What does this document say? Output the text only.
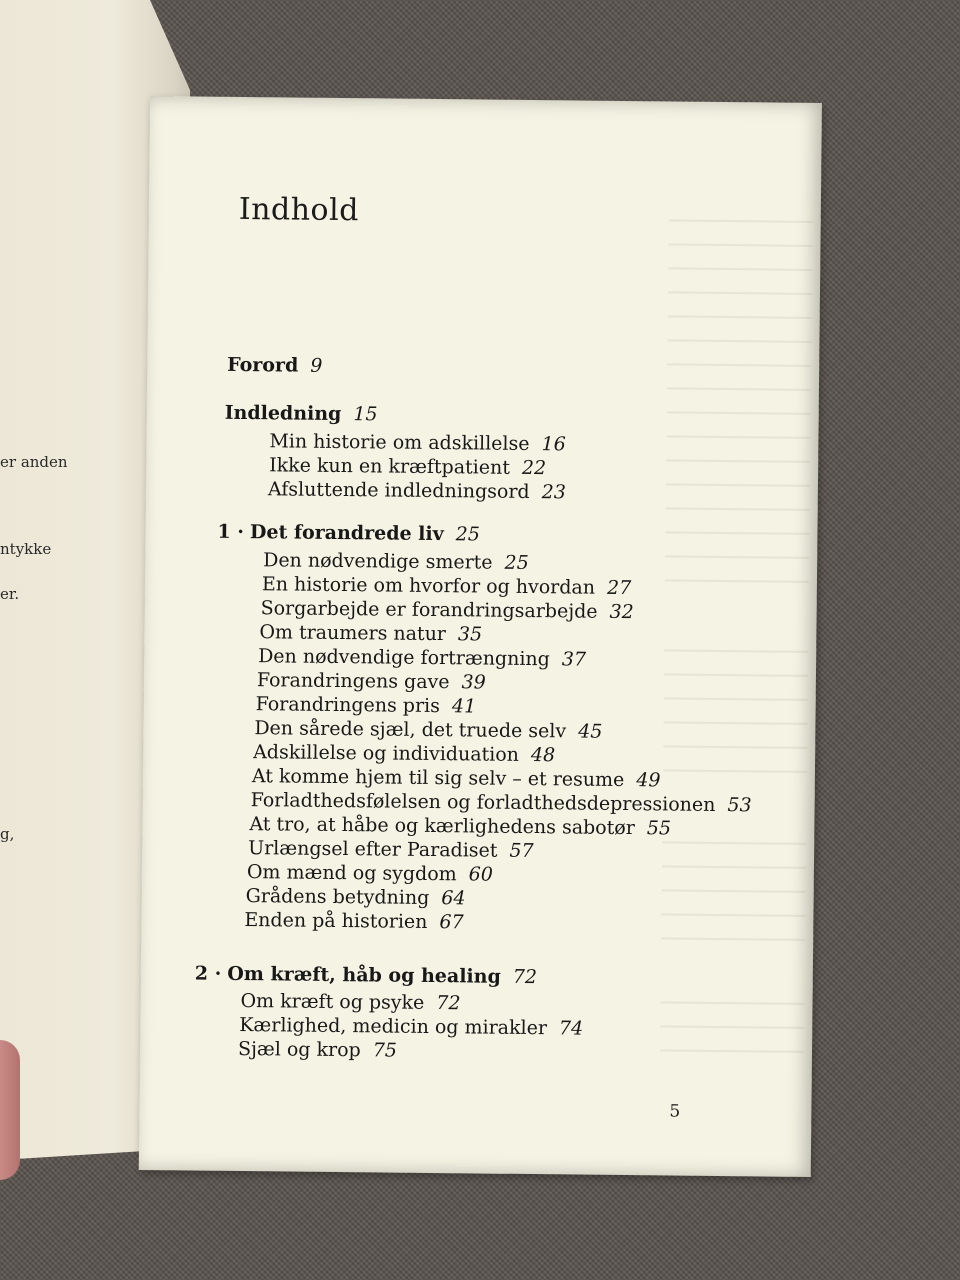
er anden
ntykke
er.
g,
Indhold
Forord 9
Indledning 15
Min historie om adskillelse 16
Ikke kun en kræftpatient 22
Afsluttende indledningsord 23
1 · Det forandrede liv 25
Den nødvendige smerte 25
En historie om hvorfor og hvordan 27
Sorgarbejde er forandringsarbejde 32
Om traumers natur 35
Den nødvendige fortrængning 37
Forandringens gave 39
Forandringens pris 41
Den sårede sjæl, det truede selv 45
Adskillelse og individuation 48
At komme hjem til sig selv – et resume 49
Forladthedsfølelsen og forladthedsdepressionen 53
At tro, at håbe og kærlighedens sabotør 55
Urlængsel efter Paradiset 57
Om mænd og sygdom 60
Grådens betydning 64
Enden på historien 67
2 · Om kræft, håb og healing 72
Om kræft og psyke 72
Kærlighed, medicin og mirakler 74
Sjæl og krop 75
5
